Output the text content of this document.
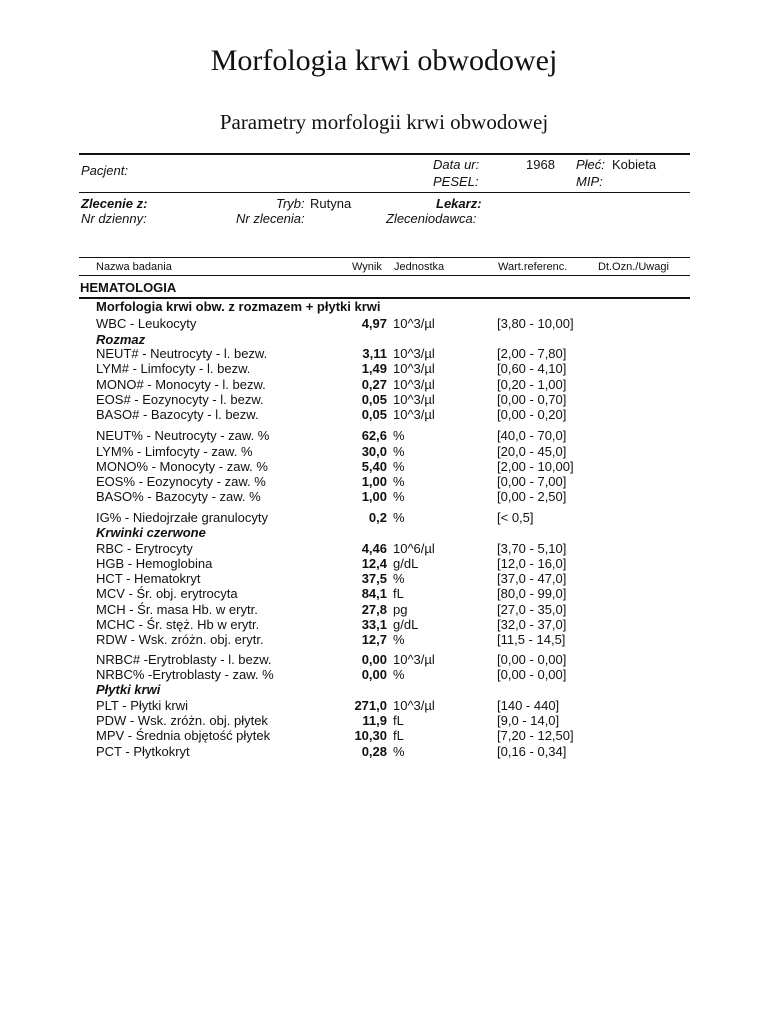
Morfologia krwi obwodowej
Parametry morfologii krwi obwodowej
Pacjent:	Data ur:	1968 Płeć: Kobieta
PESEL:	MIP:
Zlecenie z:	Tryb: Rutyna	Lekarz:
Nr dzienny:	Nr zlecenia:	Zleceniodawca:
Nazwa badania	Wynik Jednostka	Wart.referenc.	Dt.Ozn./Uwagi
HEMATOLOGIA
Morfologia krwi obw. z rozmazem + płytki krwi
Rozmaz
Krwinki czerwone
Płytki krwi
WBC - Leukocyty	4,97 10^3/µl	[3,80 - 10,00]
NEUT# - Neutrocyty - l. bezw.	3,11 10^3/µl	[2,00 - 7,80]
LYM# - Limfocyty - l. bezw.	1,49 10^3/µl	[0,60 - 4,10]
MONO# - Monocyty - l. bezw.	0,27 10^3/µl	[0,20 - 1,00]
EOS# - Eozynocyty - l. bezw.	0,05 10^3/µl	[0,00 - 0,70]
BASO# - Bazocyty - l. bezw.	0,05 10^3/µl	[0,00 - 0,20]
NEUT% - Neutrocyty - zaw. %	62,6 %	[40,0 - 70,0]
LYM% - Limfocyty - zaw. %	30,0 %	[20,0 - 45,0]
MONO% - Monocyty - zaw. %	5,40 %	[2,00 - 10,00]
EOS% - Eozynocyty - zaw. %	1,00 %	[0,00 - 7,00]
BASO% - Bazocyty - zaw. %	1,00 %	[0,00 - 2,50]
IG% - Niedojrzałe granulocyty	0,2 %	[< 0,5]
RBC - Erytrocyty	4,46 10^6/µl	[3,70 - 5,10]
HGB - Hemoglobina	12,4 g/dL	[12,0 - 16,0]
HCT - Hematokryt	37,5 %	[37,0 - 47,0]
MCV - Śr. obj. erytrocyta	84,1 fL	[80,0 - 99,0]
MCH - Śr. masa Hb. w erytr.	27,8 pg	[27,0 - 35,0]
MCHC - Śr. stęż. Hb w erytr.	33,1 g/dL	[32,0 - 37,0]
RDW - Wsk. zróżn. obj. erytr.	12,7 %	[11,5 - 14,5]
NRBC# -Erytroblasty - l. bezw.	0,00 10^3/µl	[0,00 - 0,00]
NRBC% -Erytroblasty - zaw. %	0,00 %	[0,00 - 0,00]
PLT - Płytki krwi	271,0 10^3/µl	[140 - 440]
PDW - Wsk. zróżn. obj. płytek	11,9 fL	[9,0 - 14,0]
MPV - Średnia objętość płytek	10,30 fL	[7,20 - 12,50]
PCT - Płytkokryt	0,28 %	[0,16 - 0,34]
